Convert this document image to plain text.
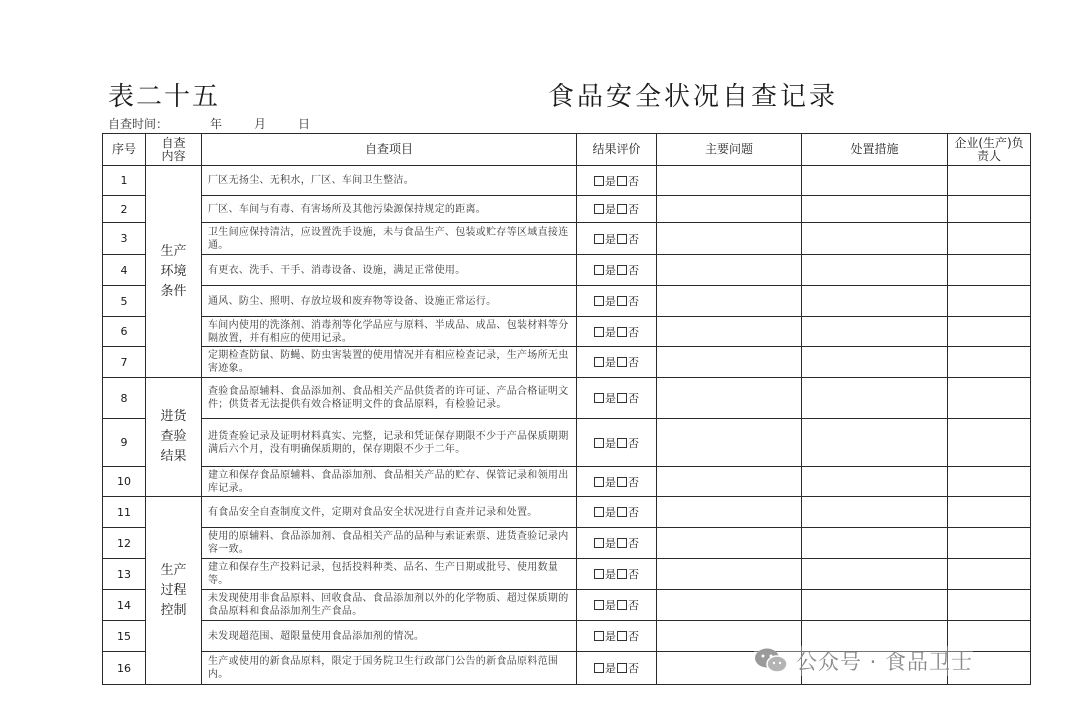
表二十五	食品安全状况自查记录
自查时间：	年	月	日
序号	自查内容	自查项目	结果评价	主要问题	处置措施	企业(生产)负责人
1	生产环境条件	厂区无扬尘、无积水，厂区、车间卫生整洁。	是 否			
2		厂区、车间与有毒、有害场所及其他污染源保持规定的距离。	是 否			
3		卫生间应保持清洁，应设置洗手设施，未与食品生产、包装或贮存等区域直接连通。	是 否			
4		有更衣、洗手、干手、消毒设备、设施，满足正常使用。	是 否			
5		通风、防尘、照明、存放垃圾和废弃物等设备、设施正常运行。	是 否			
6		车间内使用的洗涤剂、消毒剂等化学品应与原料、半成品、成品、包装材料等分隔放置，并有相应的使用记录。	是 否			
7		定期检查防鼠、防蝇、防虫害装置的使用情况并有相应检查记录，生产场所无虫害迹象。	是 否			
8	进货查验结果	查验食品原辅料、食品添加剂、食品相关产品供货者的许可证、产品合格证明文件；供货者无法提供有效合格证明文件的食品原料，有检验记录。	是 否			
9		进货查验记录及证明材料真实、完整，记录和凭证保存期限不少于产品保质期期满后六个月，没有明确保质期的，保存期限不少于二年。	是 否			
10		建立和保存食品原辅料、食品添加剂、食品相关产品的贮存、保管记录和领用出库记录。	是 否			
11	生产过程控制	有食品安全自查制度文件，定期对食品安全状况进行自查并记录和处置。	是 否			
12		使用的原辅料、食品添加剂、食品相关产品的品种与索证索票、进货查验记录内容一致。	是 否			
13		建立和保存生产投料记录，包括投料种类、品名、生产日期或批号、使用数量等。	是 否			
14		未发现使用非食品原料、回收食品、食品添加剂以外的化学物质、超过保质期的食品原料和食品添加剂生产食品。	是 否			
15		未发现超范围、超限量使用食品添加剂的情况。	是 否			
16		生产或使用的新食品原料，限定于国务院卫生行政部门公告的新食品原料范围内。	是 否				公众号 · 食品卫士
